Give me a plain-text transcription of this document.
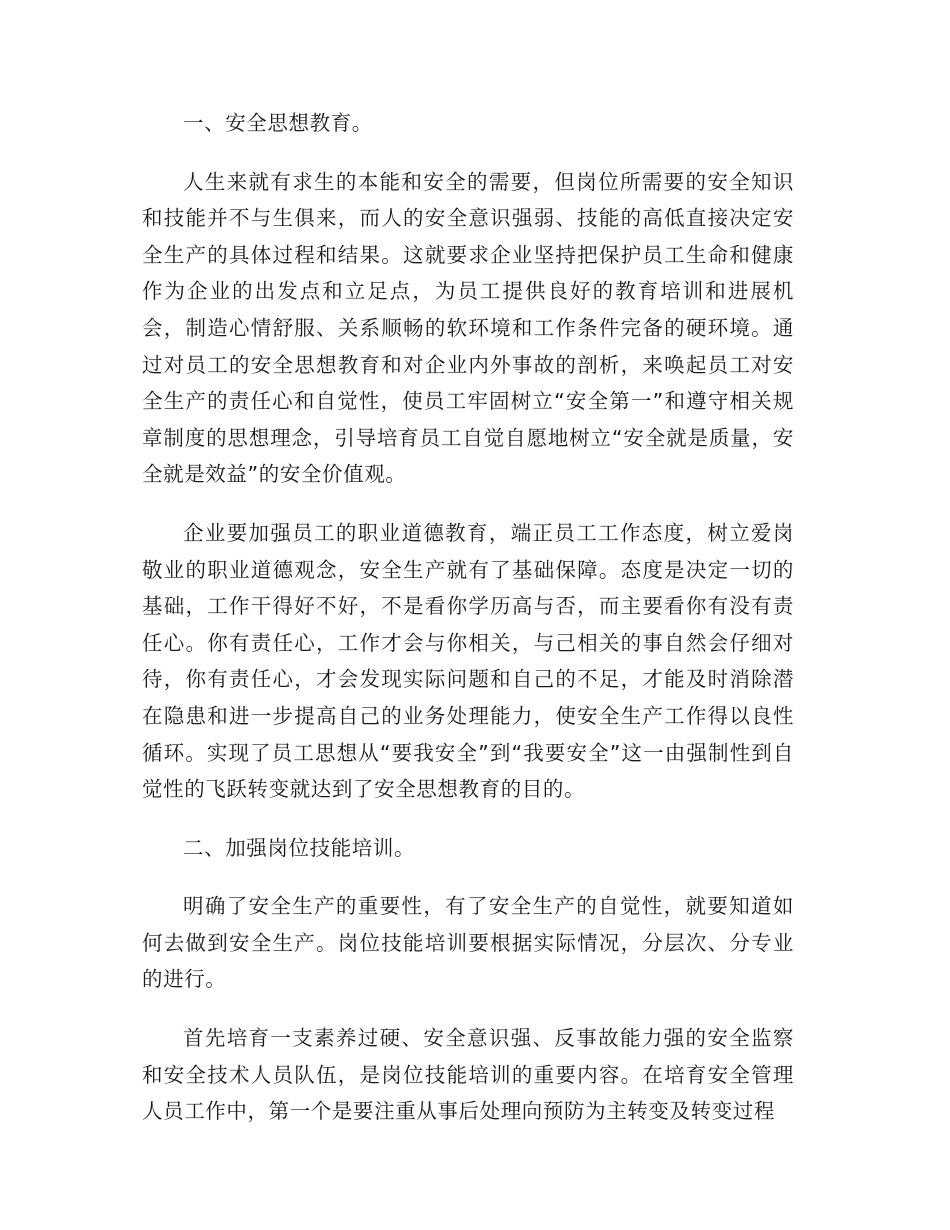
一、安全思想教育。

人生来就有求生的本能和安全的需要，但岗位所需要的安全知识和技能并不与生俱来，而人的安全意识强弱、技能的高低直接决定安全生产的具体过程和结果。这就要求企业坚持把保护员工生命和健康作为企业的出发点和立足点，为员工提供良好的教育培训和进展机会，制造心情舒服、关系顺畅的软环境和工作条件完备的硬环境。通过对员工的安全思想教育和对企业内外事故的剖析，来唤起员工对安全生产的责任心和自觉性，使员工牢固树立“安全第一”和遵守相关规章制度的思想理念，引导培育员工自觉自愿地树立“安全就是质量，安全就是效益”的安全价值观。

企业要加强员工的职业道德教育，端正员工工作态度，树立爱岗敬业的职业道德观念，安全生产就有了基础保障。态度是决定一切的基础，工作干得好不好，不是看你学历高与否，而主要看你有没有责任心。你有责任心，工作才会与你相关，与己相关的事自然会仔细对待，你有责任心，才会发现实际问题和自己的不足，才能及时消除潜在隐患和进一步提高自己的业务处理能力，使安全生产工作得以良性循环。实现了员工思想从“要我安全”到“我要安全”这一由强制性到自觉性的飞跃转变就达到了安全思想教育的目的。

二、加强岗位技能培训。

明确了安全生产的重要性，有了安全生产的自觉性，就要知道如何去做到安全生产。岗位技能培训要根据实际情况，分层次、分专业的进行。

首先培育一支素养过硬、安全意识强、反事故能力强的安全监察和安全技术人员队伍，是岗位技能培训的重要内容。在培育安全管理人员工作中，第一个是要注重从事后处理向预防为主转变及转变过程
